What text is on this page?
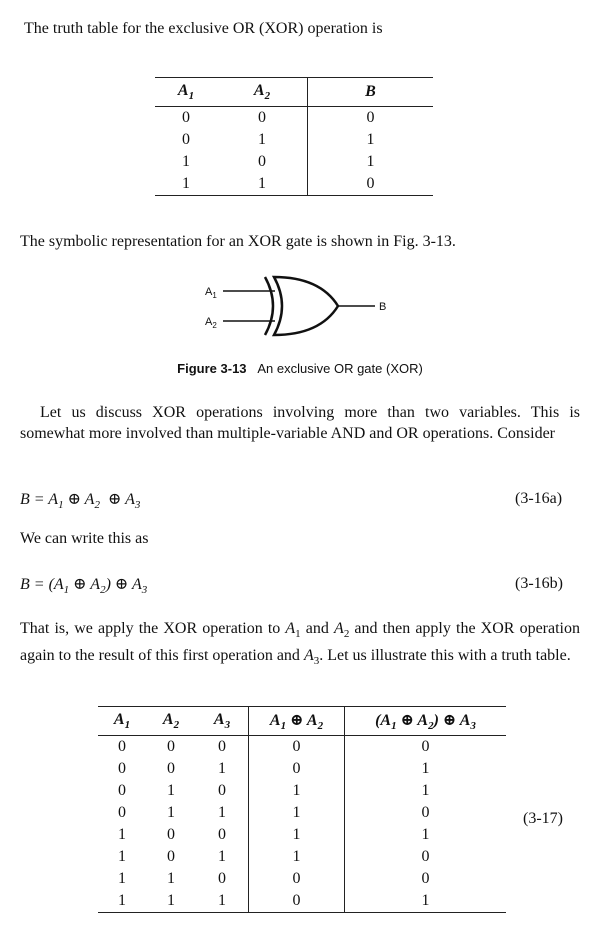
The truth table for the exclusive OR (XOR) operation is
$A_1$	$A_2$	B
0	0	0
0	1	1
1	0	1
1	1	0
The symbolic representation for an XOR gate is shown in Fig. 3-13.
$A_1$
$A_2$
B
Figure 3-13 An exclusive OR gate (XOR)
Let us discuss XOR operations involving more than two variables. This is somewhat more involved than multiple-variable AND and OR operations. Consider
$B = A_1$ ⊕ $A_2$  ⊕ $A_3$	(3-16a)
We can write this as
$B = (A_1$ ⊕ $A_2$) ⊕ $A_3$	(3-16b)
That is, we apply the XOR operation to $A_1$ and $A_2$ and then apply the XOR operation again to the result of this first operation and $A_3$. Let us illustrate this with a truth table.
$A_1$	$A_2$	$A_3$	$A_1$ ⊕ $A_2$	($A_1$ ⊕ $A_2$) ⊕ $A_3$
0	0	0	0	0
0	0	1	0	1
0	1	0	1	1
0	1	1	1	0
1	0	0	1	1
1	0	1	1	0
1	1	0	0	0
1	1	1	0	1
(3-17)
